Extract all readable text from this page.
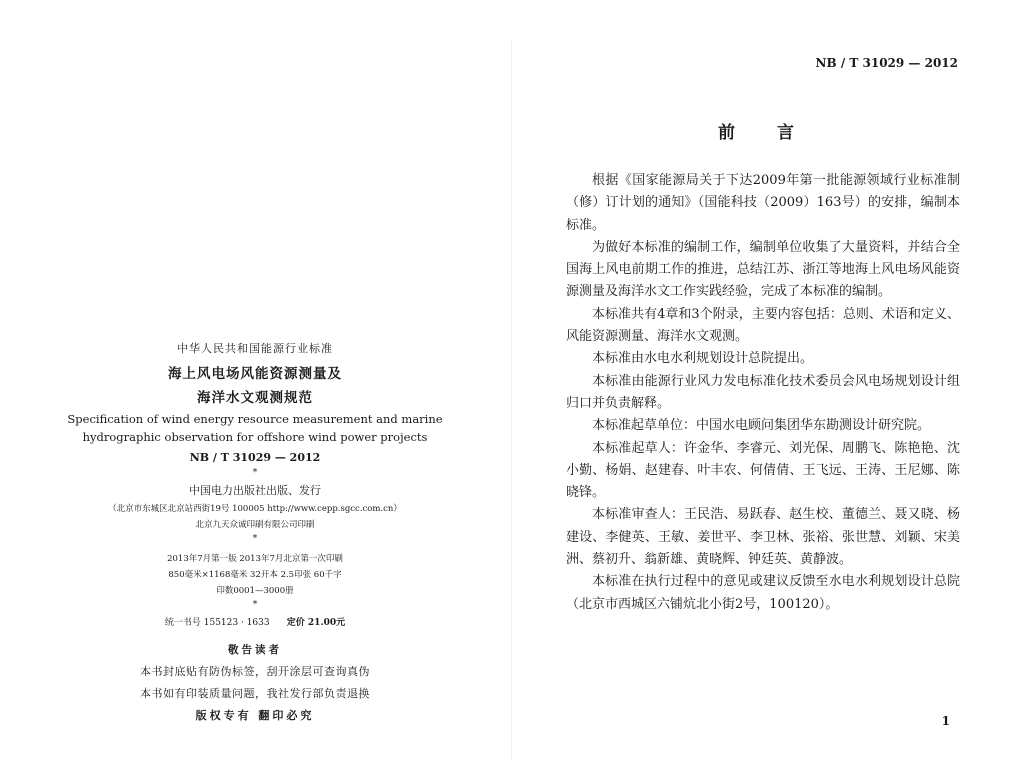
中华人民共和国能源行业标准
海上风电场风能资源测量及
海洋水文观测规范
Specification of wind energy resource measurement and marine
hydrographic observation for offshore wind power projects
NB / T 31029 — 2012
*
中国电力出版社出版、发行
（北京市东城区北京站西街19号 100005 http://www.cepp.sgcc.com.cn）
北京九天众诚印刷有限公司印刷
*
2013年7月第一版 2013年7月北京第一次印刷
850毫米×1168毫米 32开本 2.5印张 60千字
印数0001—3000册
*
统一书号 155123 · 1633 定价 21.00元
敬告读者
本书封底贴有防伪标签，刮开涂层可查询真伪
本书如有印装质量问题，我社发行部负责退换
版权专有 翻印必究
NB / T 31029 — 2012
前言

根据《国家能源局关于下达2009年第一批能源领域行业标准制（修）订计划的通知》（国能科技（2009）163号）的安排，编制本标准。

为做好本标准的编制工作，编制单位收集了大量资料，并结合全国海上风电前期工作的推进，总结江苏、浙江等地海上风电场风能资源测量及海洋水文工作实践经验，完成了本标准的编制。

本标准共有4章和3个附录，主要内容包括：总则、术语和定义、风能资源测量、海洋水文观测。

本标准由水电水利规划设计总院提出。

本标准由能源行业风力发电标准化技术委员会风电场规划设计组归口并负责解释。

本标准起草单位：中国水电顾问集团华东勘测设计研究院。

本标准起草人：许金华、李睿元、刘光保、周鹏飞、陈艳艳、沈小勤、杨娟、赵建春、叶丰农、何倩倩、王飞远、王涛、王尼娜、陈晓锋。

本标准审查人：王民浩、易跃春、赵生校、董德兰、聂又晓、杨建设、李健英、王敏、姜世平、李卫林、张裕、张世慧、刘颖、宋美洲、蔡初升、翁新雄、黄晓辉、钟廷英、黄静波。

本标准在执行过程中的意见或建议反馈至水电水利规划设计总院（北京市西城区六铺炕北小街2号，100120）。

1
